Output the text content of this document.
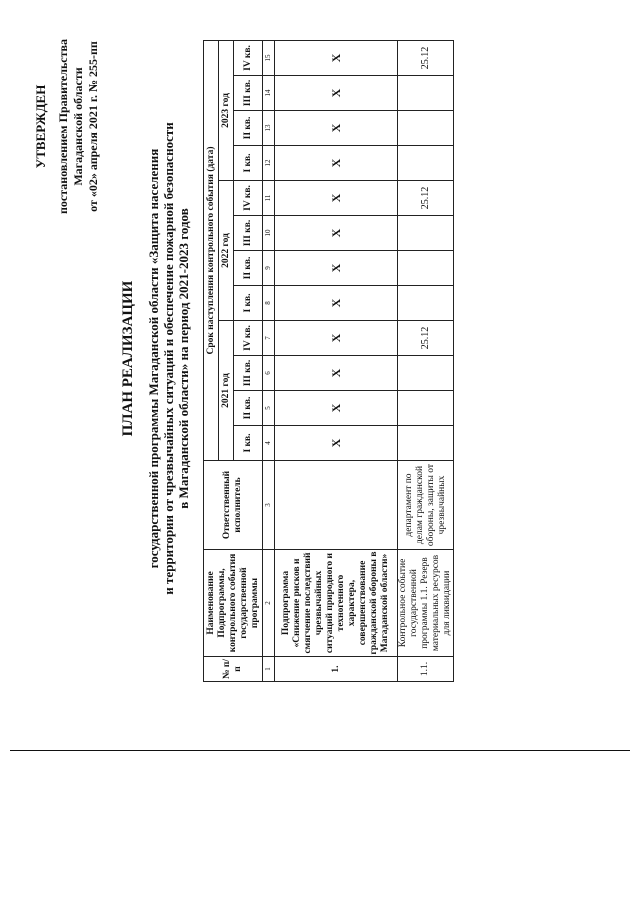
УТВЕРЖДЕН постановлением Правительства Магаданской области от «02» апреля 2021 г. № 255-пп
ПЛАН РЕАЛИЗАЦИИ государственной программы Магаданской области «Защита населения и территории от чрезвычайных ситуаций и обеспечение пожарной безопасности в Магаданской области» на период 2021-2023 годов
№ п/п	Наименование Подпрограммы, контрольного события государственной программы	Ответственный исполнитель	Срок наступления контрольного события (дата)											
			2021 год				2022 год				2023 год			
			I кв.	II кв.	III кв.	IV кв.	I кв.	II кв.	III кв.	IV кв.	I кв.	II кв.	III кв.	IV кв.
1	2	3	4	5	6	7	8	9	10	11	12	13	14	15
1.	Подпрограмма «Снижение рисков и смягчение последствий чрезвычайных ситуаций природного и техногенного характера, совершенствование гражданской обороны в Магаданской области»		X	X	X	X	X	X	X	X	X	X	X	X
1.1.	Контрольное событие государственной программы 1.1. Резерв материальных ресурсов для ликвидации	департамент по делам гражданской обороны, защиты от чрезвычайных				25.12				25.12				25.12
